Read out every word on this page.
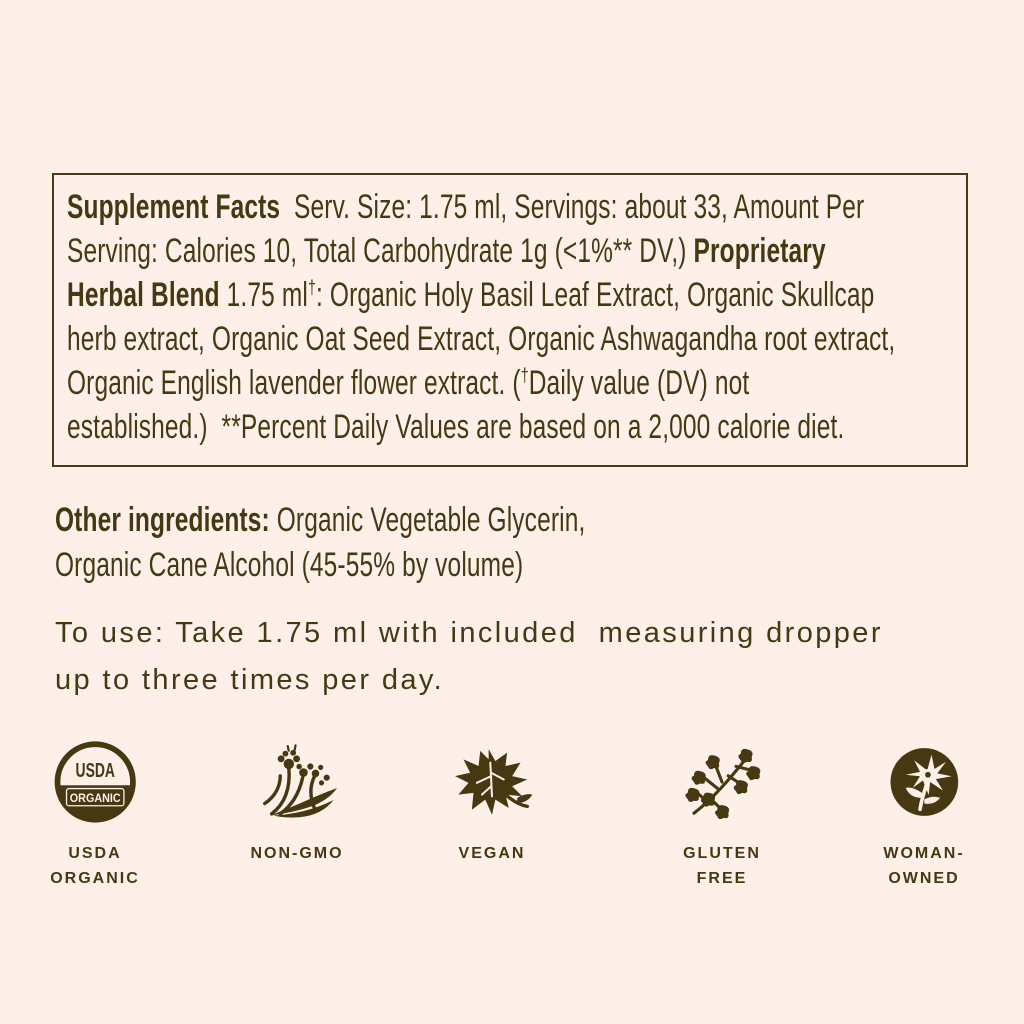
Supplement Facts  Serv. Size: 1.75 ml, Servings: about 33, Amount Per
Serving: Calories 10, Total Carbohydrate 1g (<1%** DV,) Proprietary
Herbal Blend 1.75 ml†: Organic Holy Basil Leaf Extract, Organic Skullcap
herb extract, Organic Oat Seed Extract, Organic Ashwagandha root extract,
Organic English lavender flower extract. (†Daily value (DV) not
established.)  **Percent Daily Values are based on a 2,000 calorie diet.
Other ingredients: Organic Vegetable Glycerin,
Organic Cane Alcohol (45-55% by volume)
To use: Take 1.75 ml with included  measuring dropper
up to three times per day.
USDA
ORGANIC
USDA
ORGANIC
NON-GMO	VEGAN	GLUTEN
FREE
WOMAN-
OWNED
